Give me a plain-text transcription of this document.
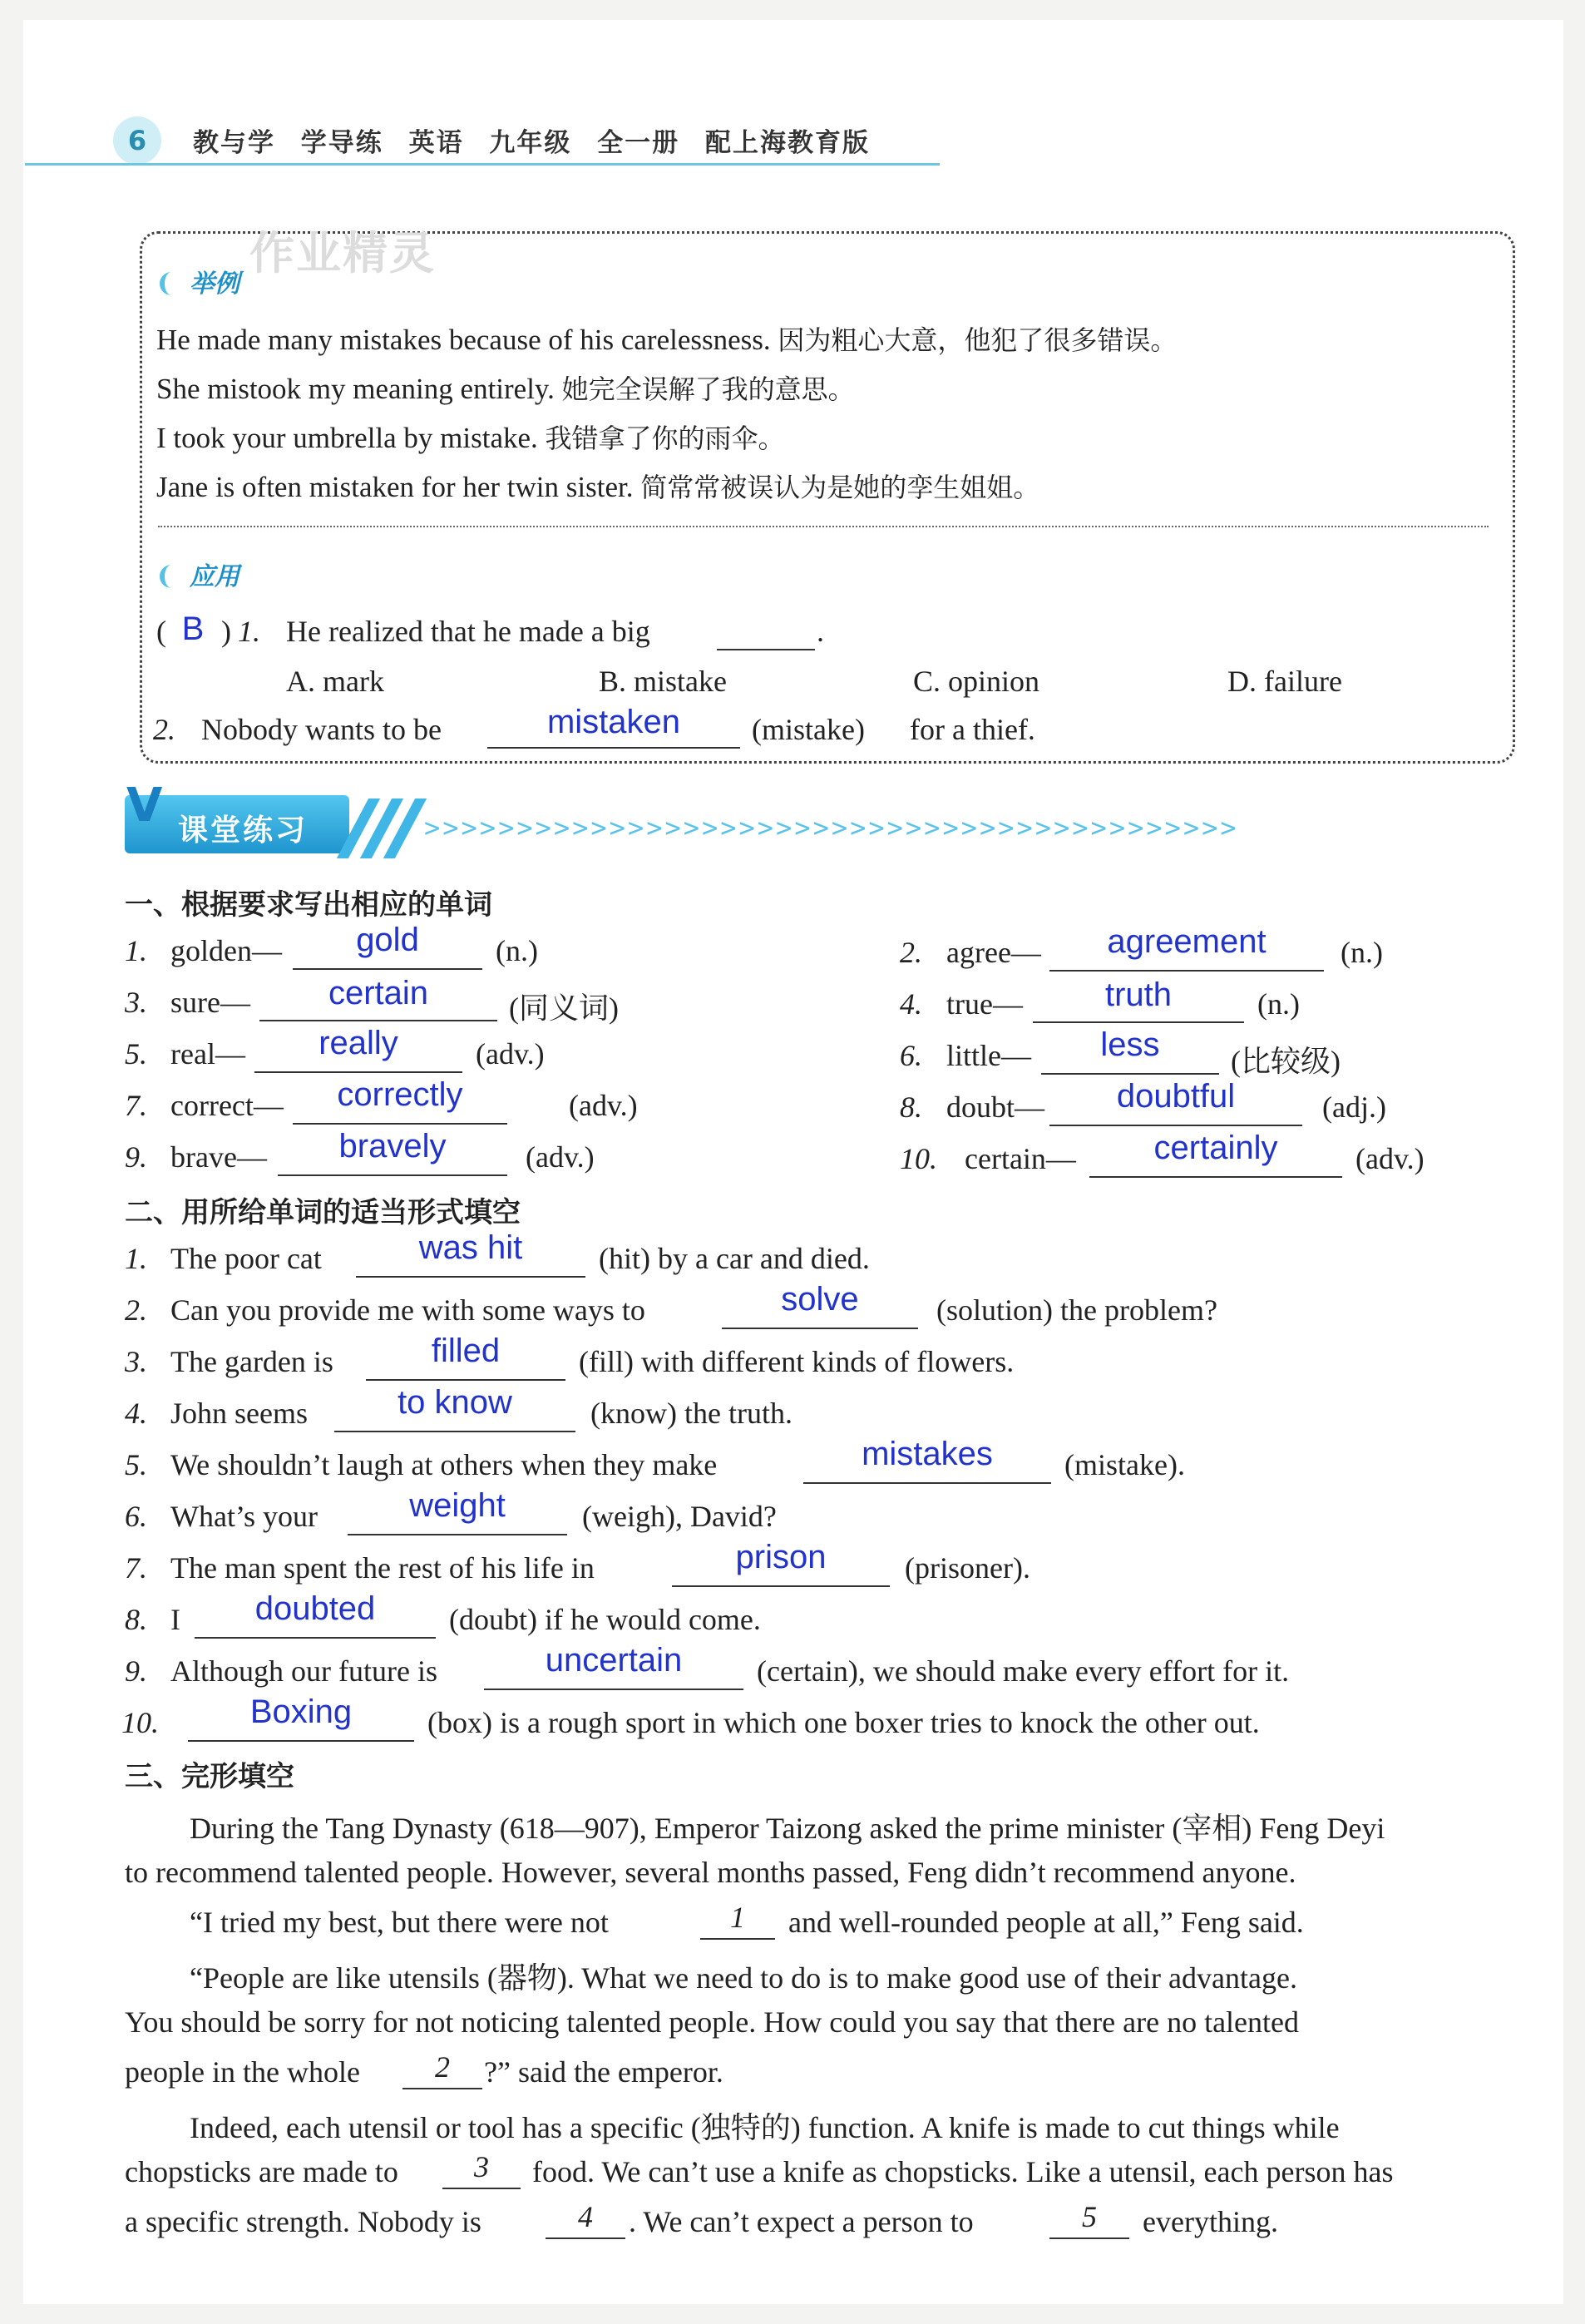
6	教与学 学导练 英语 九年级 全一册 配上海教育版
作业精灵
举例
He made many mistakes because of his carelessness. 因为粗心大意，他犯了很多错误。
She mistook my meaning entirely. 她完全误解了我的意思。
I took your umbrella by mistake. 我错拿了你的雨伞。
Jane is often mistaken for her twin sister. 简常常被误认为是她的孪生姐姐。
应用
( B ) 1. He realized that he made a big	.
A. mark	B. mistake	C. opinion	D. failure
2. Nobody wants to be	mistaken	(mistake) for a thief.
V 课堂练习	>>>>>>>>>>>>>>>>>>>>>>>>>>>>>>>>>>>>>>>>>>>>
一、根据要求写出相应的单词
1. golden—	gold	(n.)	2. agree—	agreement	(n.)
3. sure—	certain	(同义词)	4. true—	truth	(n.)
5. real—	really	(adv.)	6. little—	less	(比较级)
7. correct—	correctly	(adv.)	8. doubt—	doubtful	(adj.)
9. brave—	bravely	(adv.)	10. certain—	certainly	(adv.)
二、用所给单词的适当形式填空
1. The poor cat	was hit	(hit) by a car and died.
2. Can you provide me with some ways to	solve	(solution) the problem?
3. The garden is	filled	(fill) with different kinds of flowers.
4. John seems	to know	(know) the truth.
5. We shouldn’t laugh at others when they make	mistakes	(mistake).
6. What’s your	weight	(weigh), David?
7. The man spent the rest of his life in	prison	(prisoner).
8. I	doubted	(doubt) if he would come.
9. Although our future is	uncertain	(certain), we should make every effort for it.
10.	Boxing	(box) is a rough sport in which one boxer tries to knock the other out.
三、完形填空
During the Tang Dynasty (618—907), Emperor Taizong asked the prime minister (宰相) Feng Deyi
to recommend talented people. However, several months passed, Feng didn’t recommend anyone.
“I tried my best, but there were not	1	and well-rounded people at all,” Feng said.
“People are like utensils (器物). What we need to do is to make good use of their advantage.
You should be sorry for not noticing talented people. How could you say that there are no talented
people in the whole	2	?” said the emperor.
Indeed, each utensil or tool has a specific (独特的) function. A knife is made to cut things while
chopsticks are made to	3	food. We can’t use a knife as chopsticks. Like a utensil, each person has
a specific strength. Nobody is	4	. We can’t expect a person to	5	everything.
